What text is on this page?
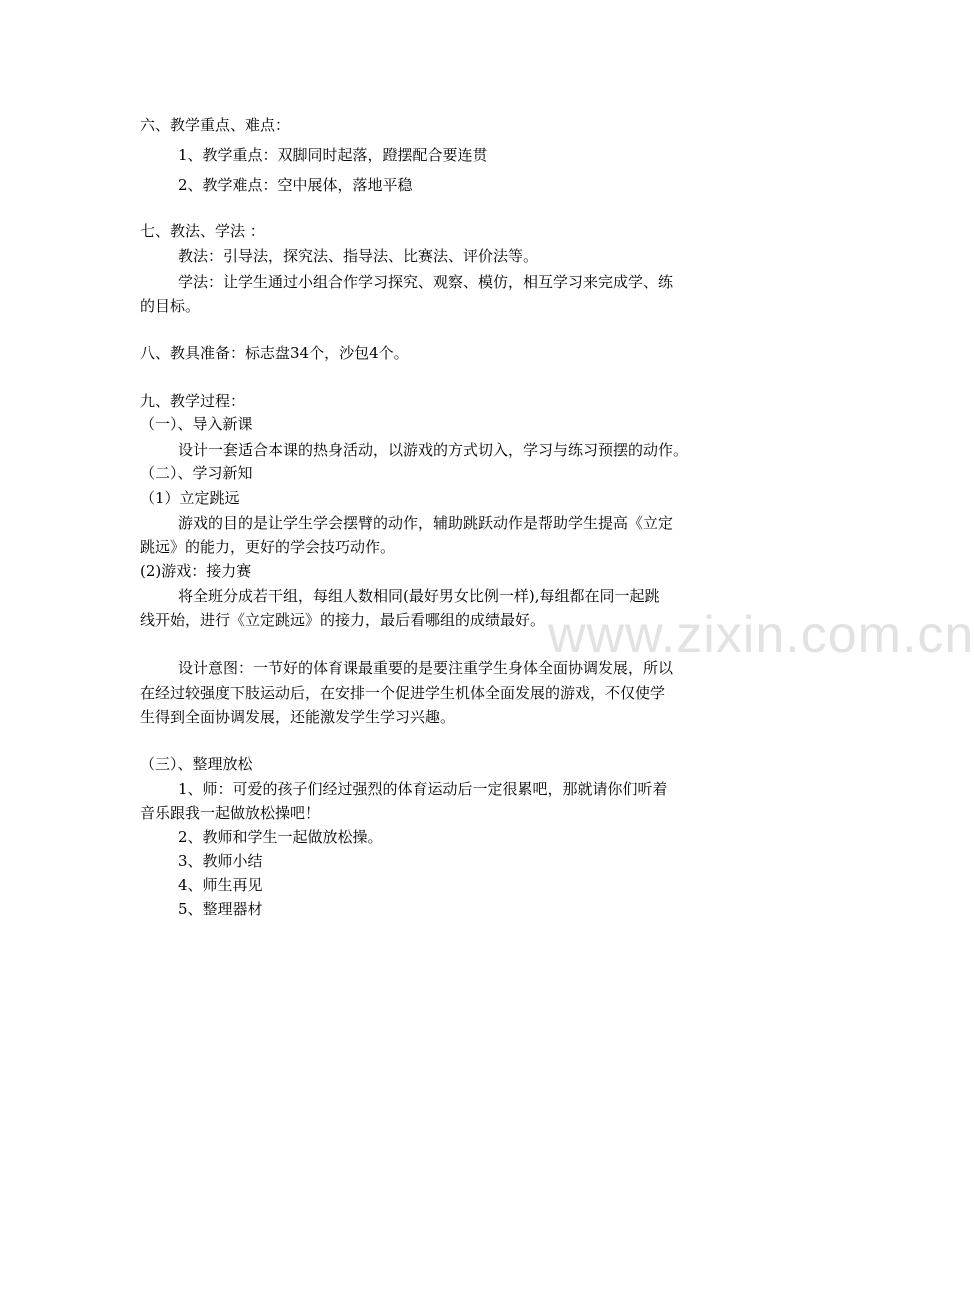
www.zixin.com.cn
六、教学重点、难点：
1、教学重点：双脚同时起落，蹬摆配合要连贯
2、教学难点：空中展体，落地平稳
七、教法、学法 ：
教法：引导法，探究法、指导法、比赛法、评价法等。
学法：让学生通过小组合作学习探究、观察、模仿，相互学习来完成学、练
的目标。
八、教具准备：标志盘34个，沙包4个。
九、教学过程：
（一）、导入新课
设计一套适合本课的热身活动，以游戏的方式切入，学习与练习预摆的动作。
（二）、学习新知
（1）立定跳远
游戏的目的是让学生学会摆臂的动作，辅助跳跃动作是帮助学生提高《立定
跳远》的能力，更好的学会技巧动作。
(2)游戏：接力赛
将全班分成若干组，每组人数相同(最好男女比例一样),每组都在同一起跳
线开始，进行《立定跳远》的接力，最后看哪组的成绩最好。
设计意图：一节好的体育课最重要的是要注重学生身体全面协调发展，所以
在经过较强度下肢运动后，在安排一个促进学生机体全面发展的游戏，不仅使学
生得到全面协调发展，还能激发学生学习兴趣。
（三）、整理放松
1、师：可爱的孩子们经过强烈的体育运动后一定很累吧，那就请你们听着
音乐跟我一起做放松操吧！
2、教师和学生一起做放松操。
3、教师小结
4、师生再见
5、整理器材
